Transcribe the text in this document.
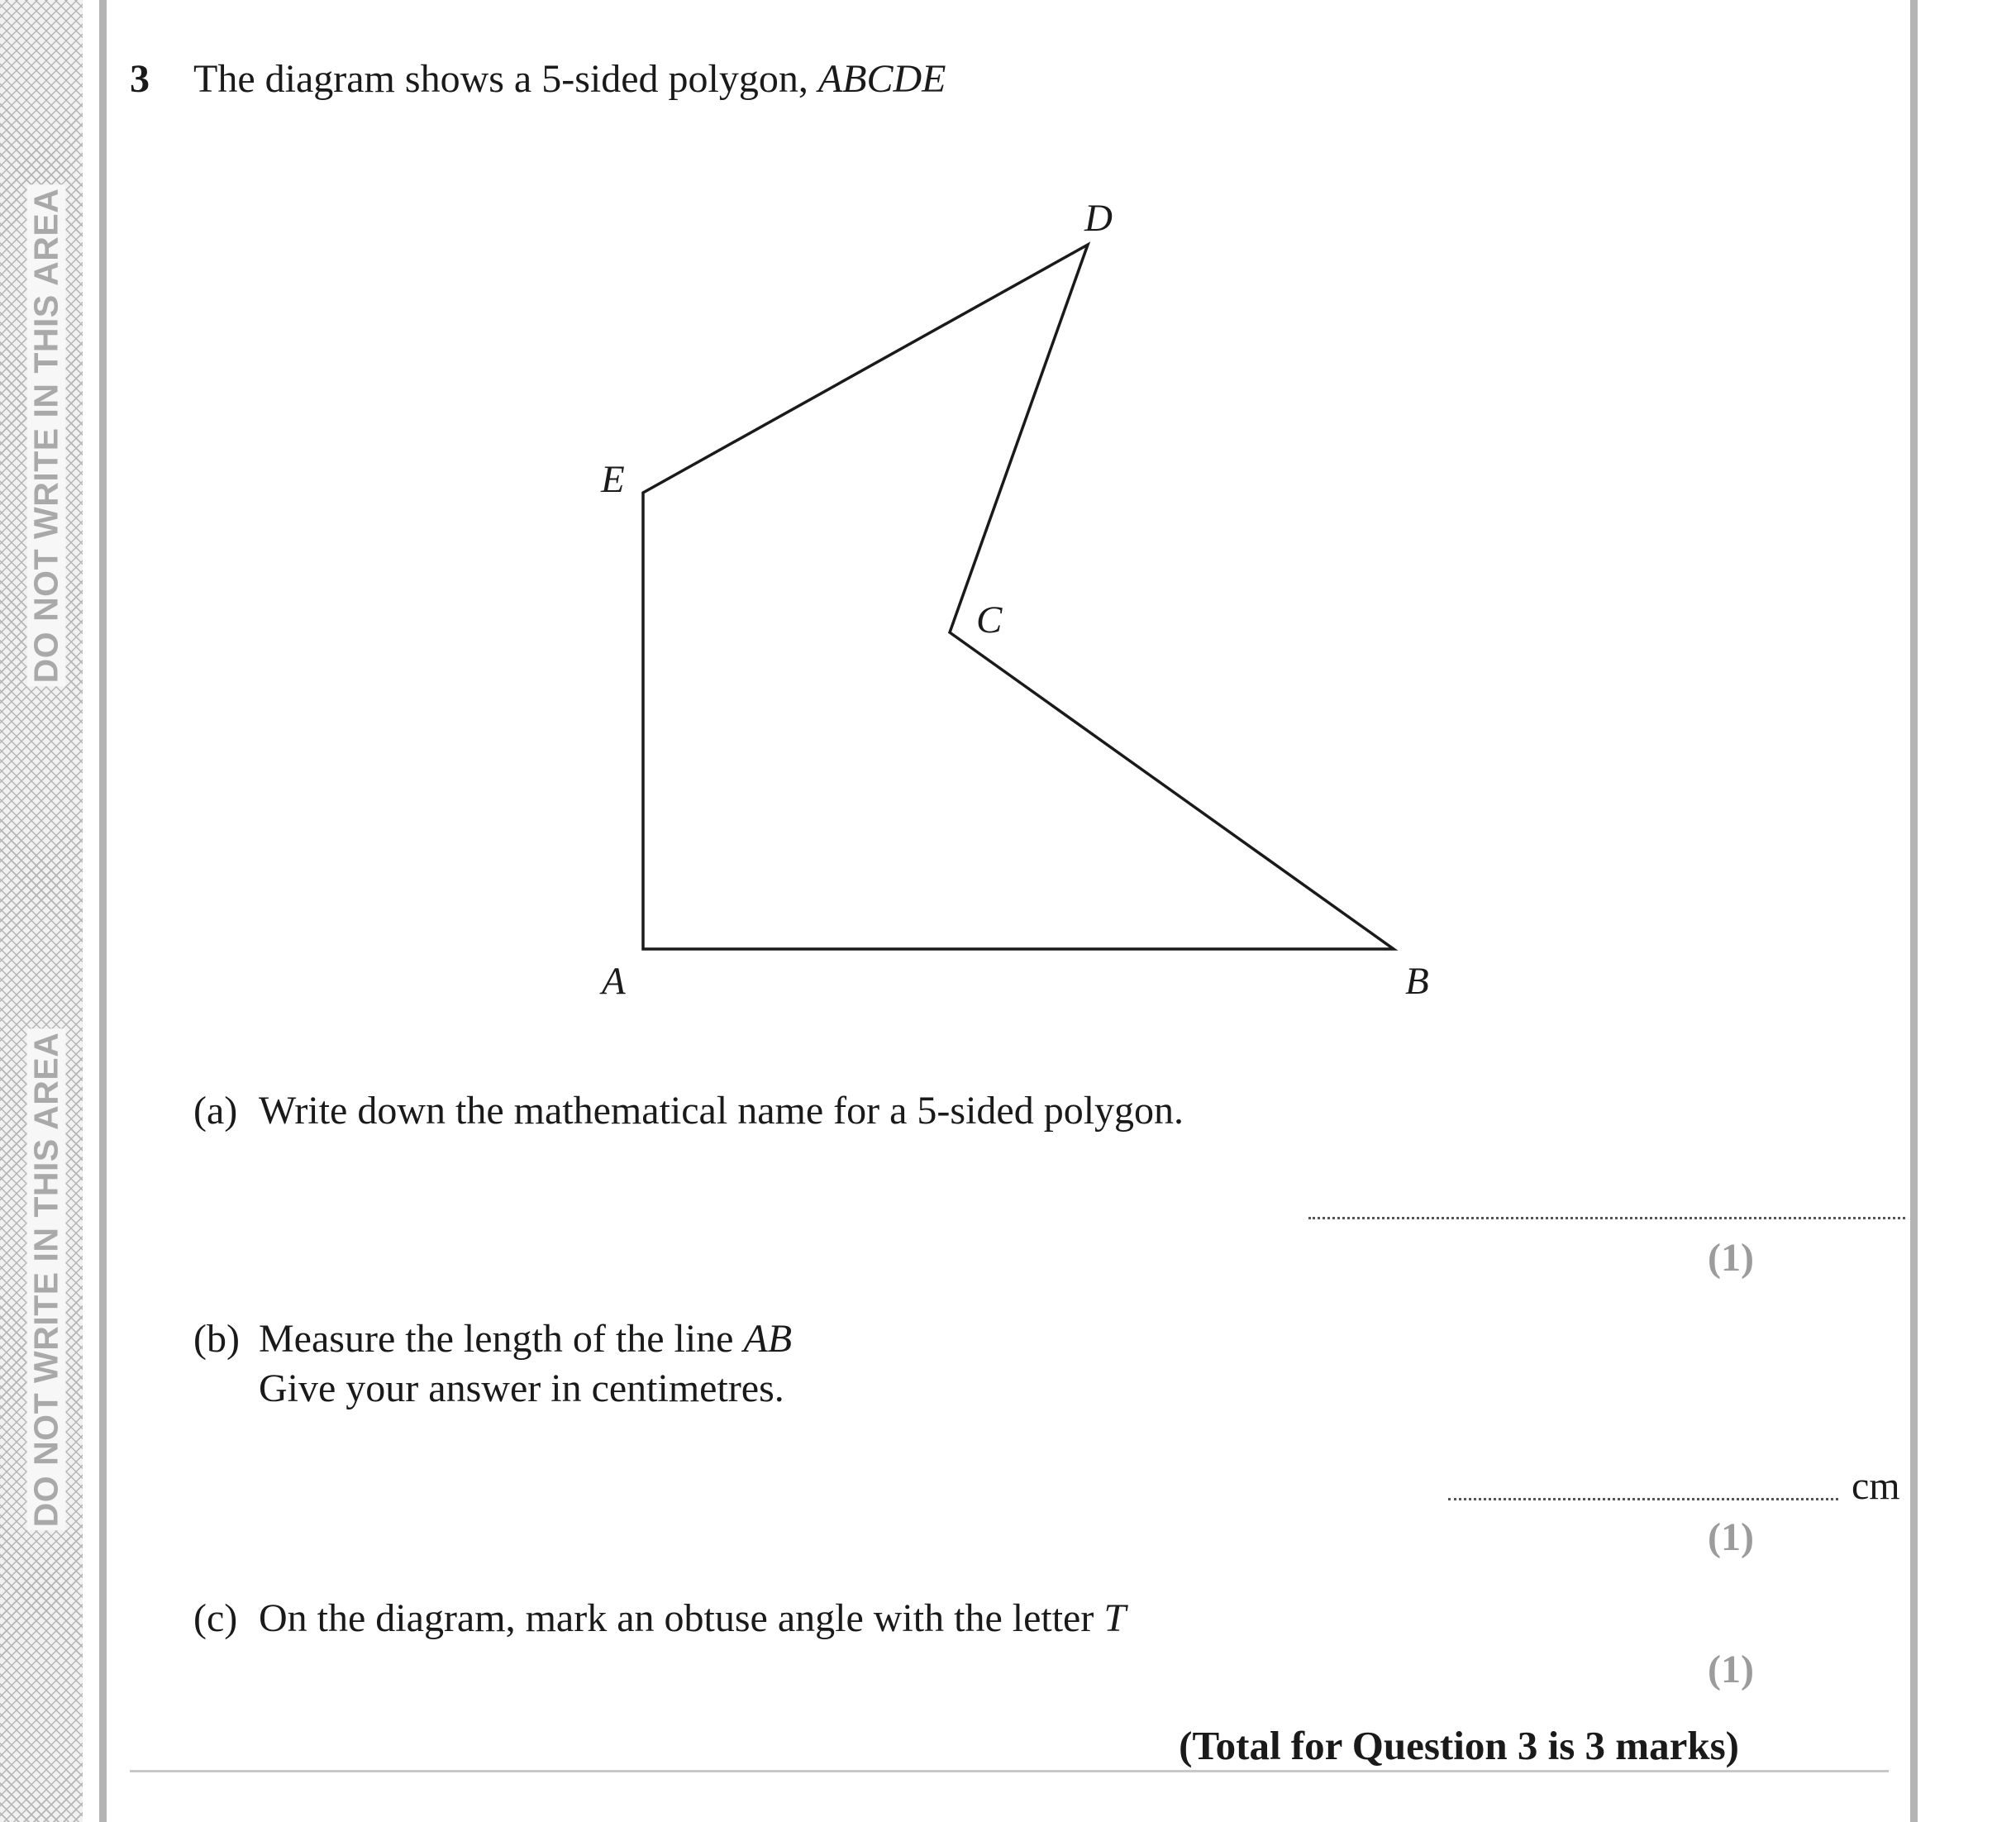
DO NOT WRITE IN THIS AREA
DO NOT WRITE IN THIS AREA
3 The diagram shows a 5-sided polygon, ABCDE
A	B
C
D
E
(a) Write down the mathematical name for a 5-sided polygon.
(1)
(b) Measure the length of the line AB
Give your answer in centimetres.
cm
(1)
(c) On the diagram, mark an obtuse angle with the letter T
(1)
(Total for Question 3 is 3 marks)
